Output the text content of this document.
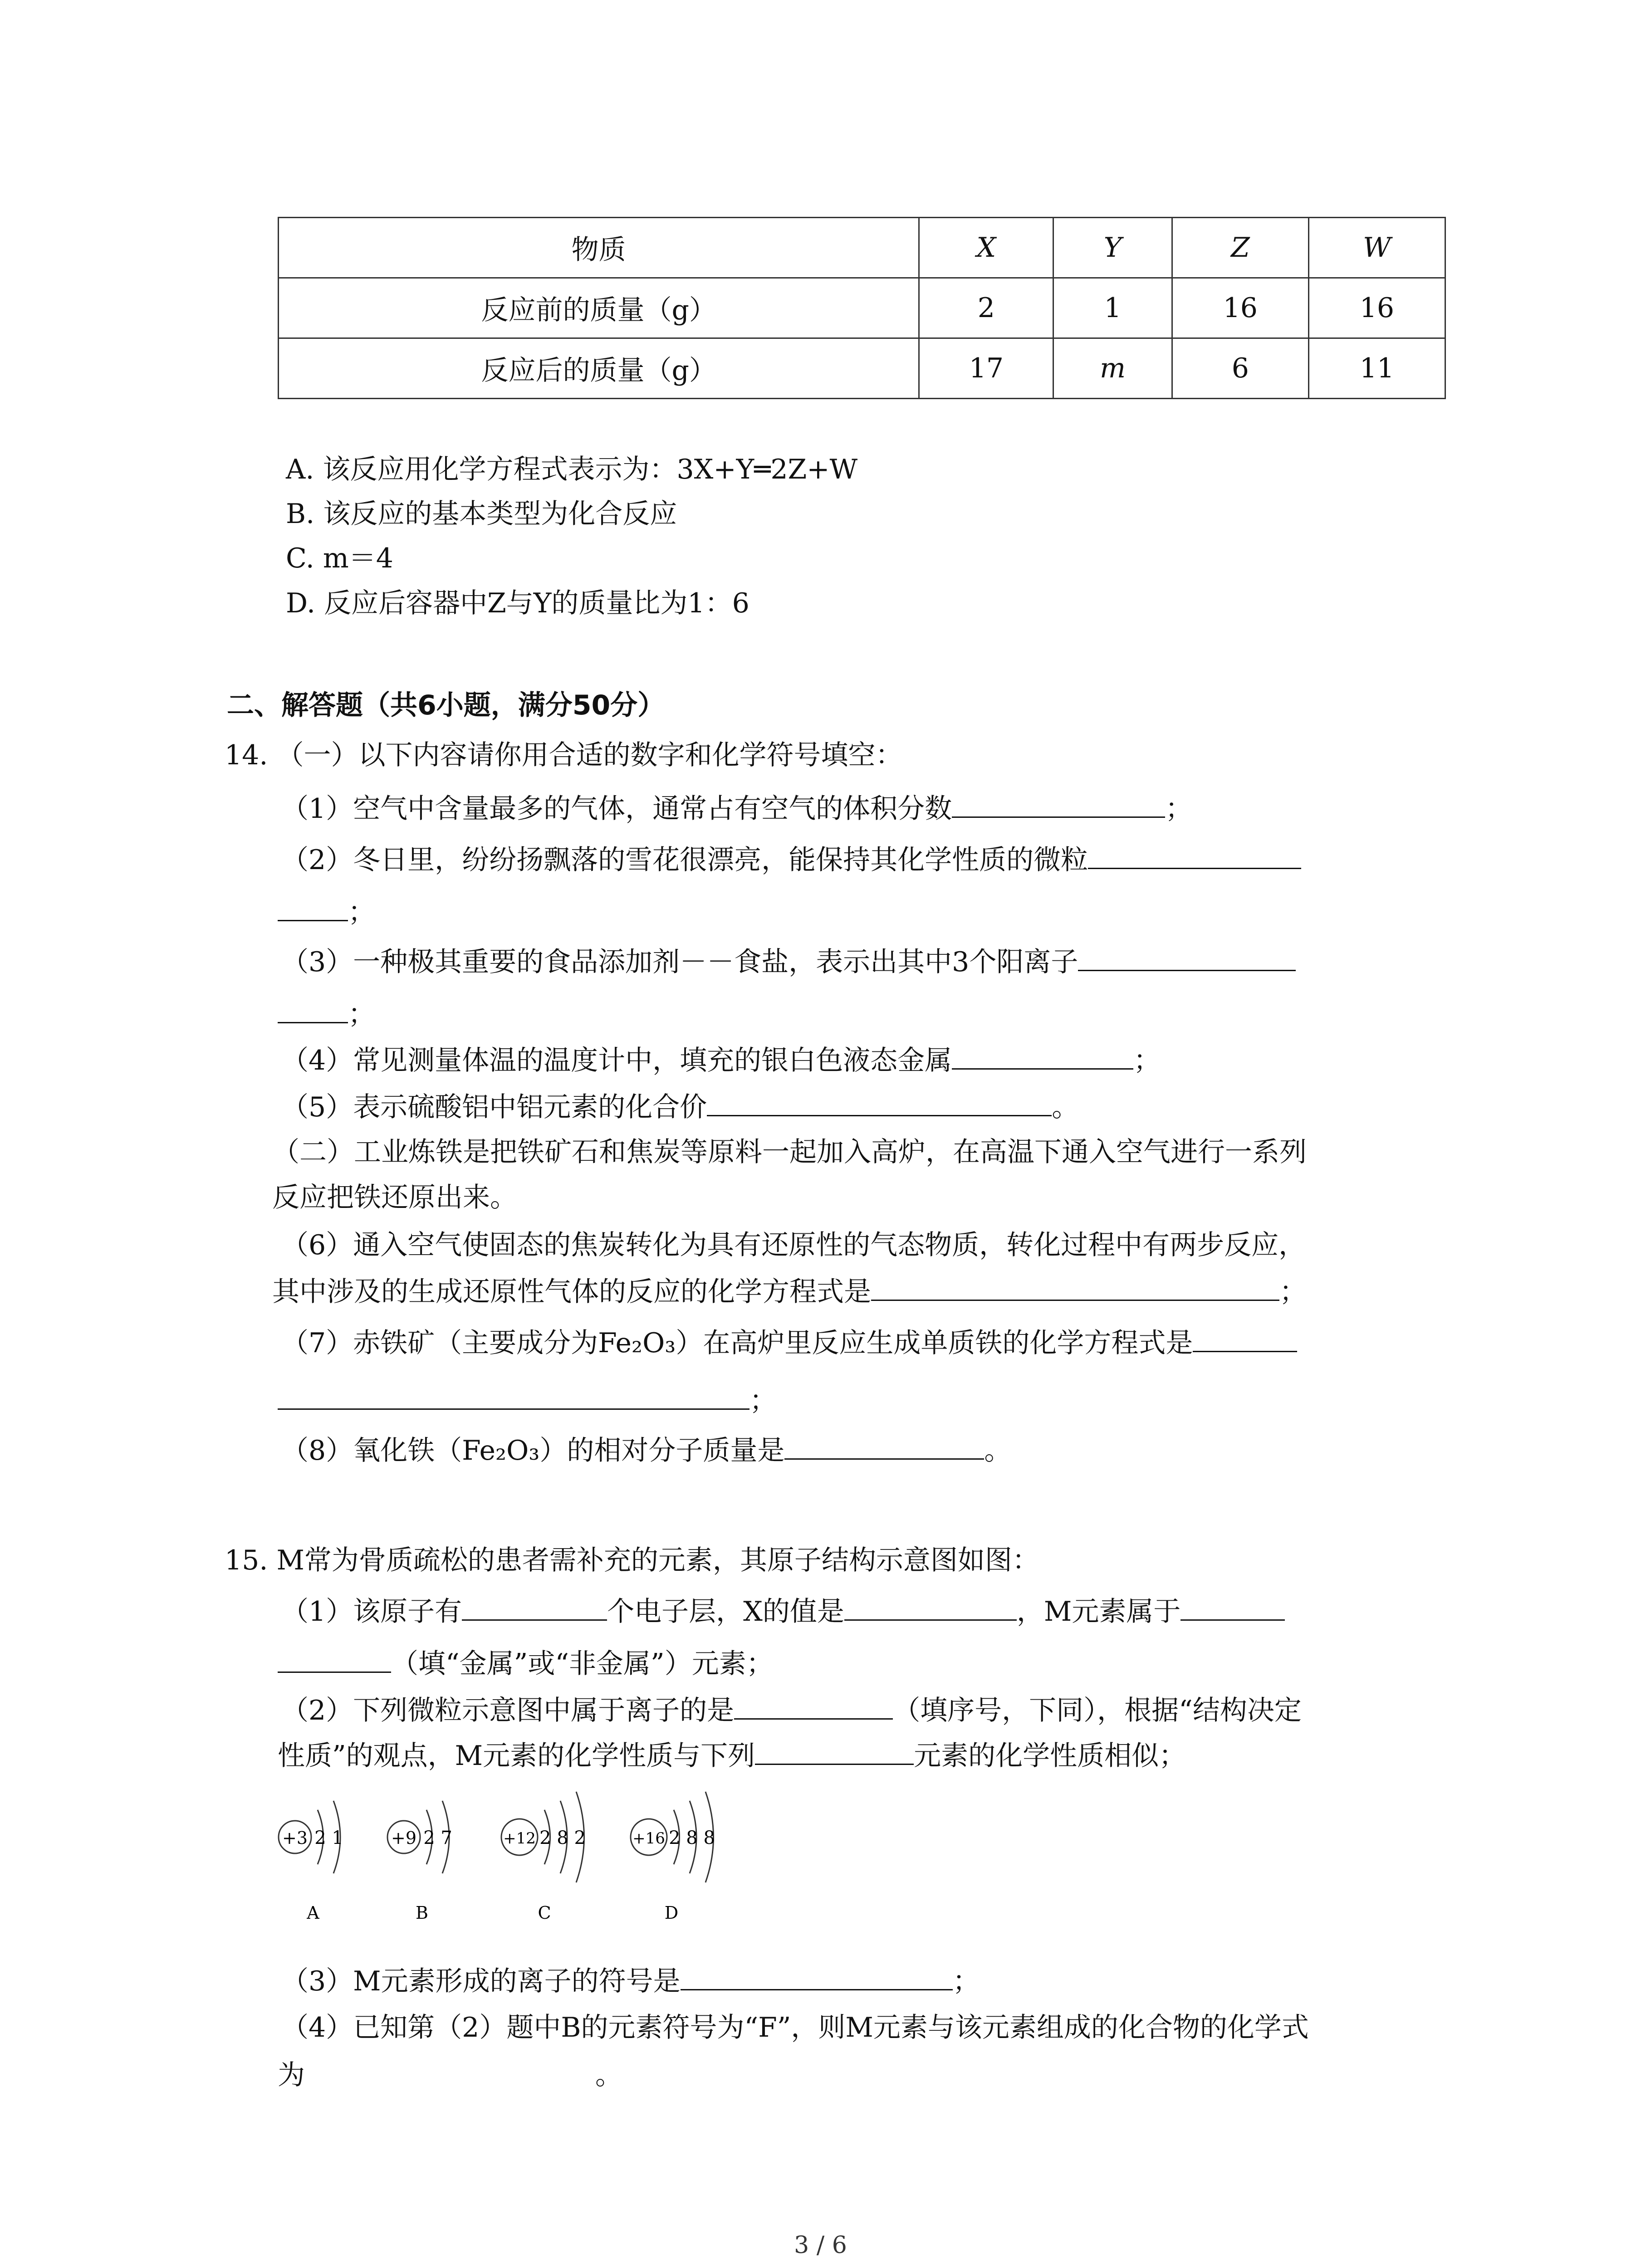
物质	X	Y	Z	W
反应前的质量（g）	2	1	16	16
反应后的质量（g）	17	m	6	11
A. 该反应用化学方程式表示为：3X+Y═2Z+W
B. 该反应的基本类型为化合反应
C. m＝4
D. 反应后容器中Z与Y的质量比为1：6
二、解答题（共6小题，满分50分）
14. （一）以下内容请你用合适的数字和化学符号填空：
（1）空气中含量最多的气体，通常占有空气的体积分数	；
（2）冬日里，纷纷扬飘落的雪花很漂亮，能保持其化学性质的微粒
；
（3）一种极其重要的食品添加剂－－食盐，表示出其中3个阳离子
；
（4）常见测量体温的温度计中，填充的银白色液态金属	；
（5）表示硫酸铝中铝元素的化合价	。
（二）工业炼铁是把铁矿石和焦炭等原料一起加入高炉，在高温下通入空气进行一系列
反应把铁还原出来。
（6）通入空气使固态的焦炭转化为具有还原性的气态物质，转化过程中有两步反应，
其中涉及的生成还原性气体的反应的化学方程式是	；
（7）赤铁矿（主要成分为Fe₂O₃）在高炉里反应生成单质铁的化学方程式是
；
（8）氧化铁（Fe₂O₃）的相对分子质量是	。
15. M常为骨质疏松的患者需补充的元素，其原子结构示意图如图：
（1）该原子有	个电子层，X的值是	，M元素属于
（填“金属”或“非金属”）元素；
（2）下列微粒示意图中属于离子的是	（填序号，下同），根据“结构决定
性质”的观点，M元素的化学性质与下列	元素的化学性质相似；
+3 2 1
A
+9 2 7
B
+12 2 8 2
C
+16 2 8 8
D
（3）M元素形成的离子的符号是	；
（4）已知第（2）题中B的元素符号为“F”，则M元素与该元素组成的化合物的化学式
为	。
3 / 6
